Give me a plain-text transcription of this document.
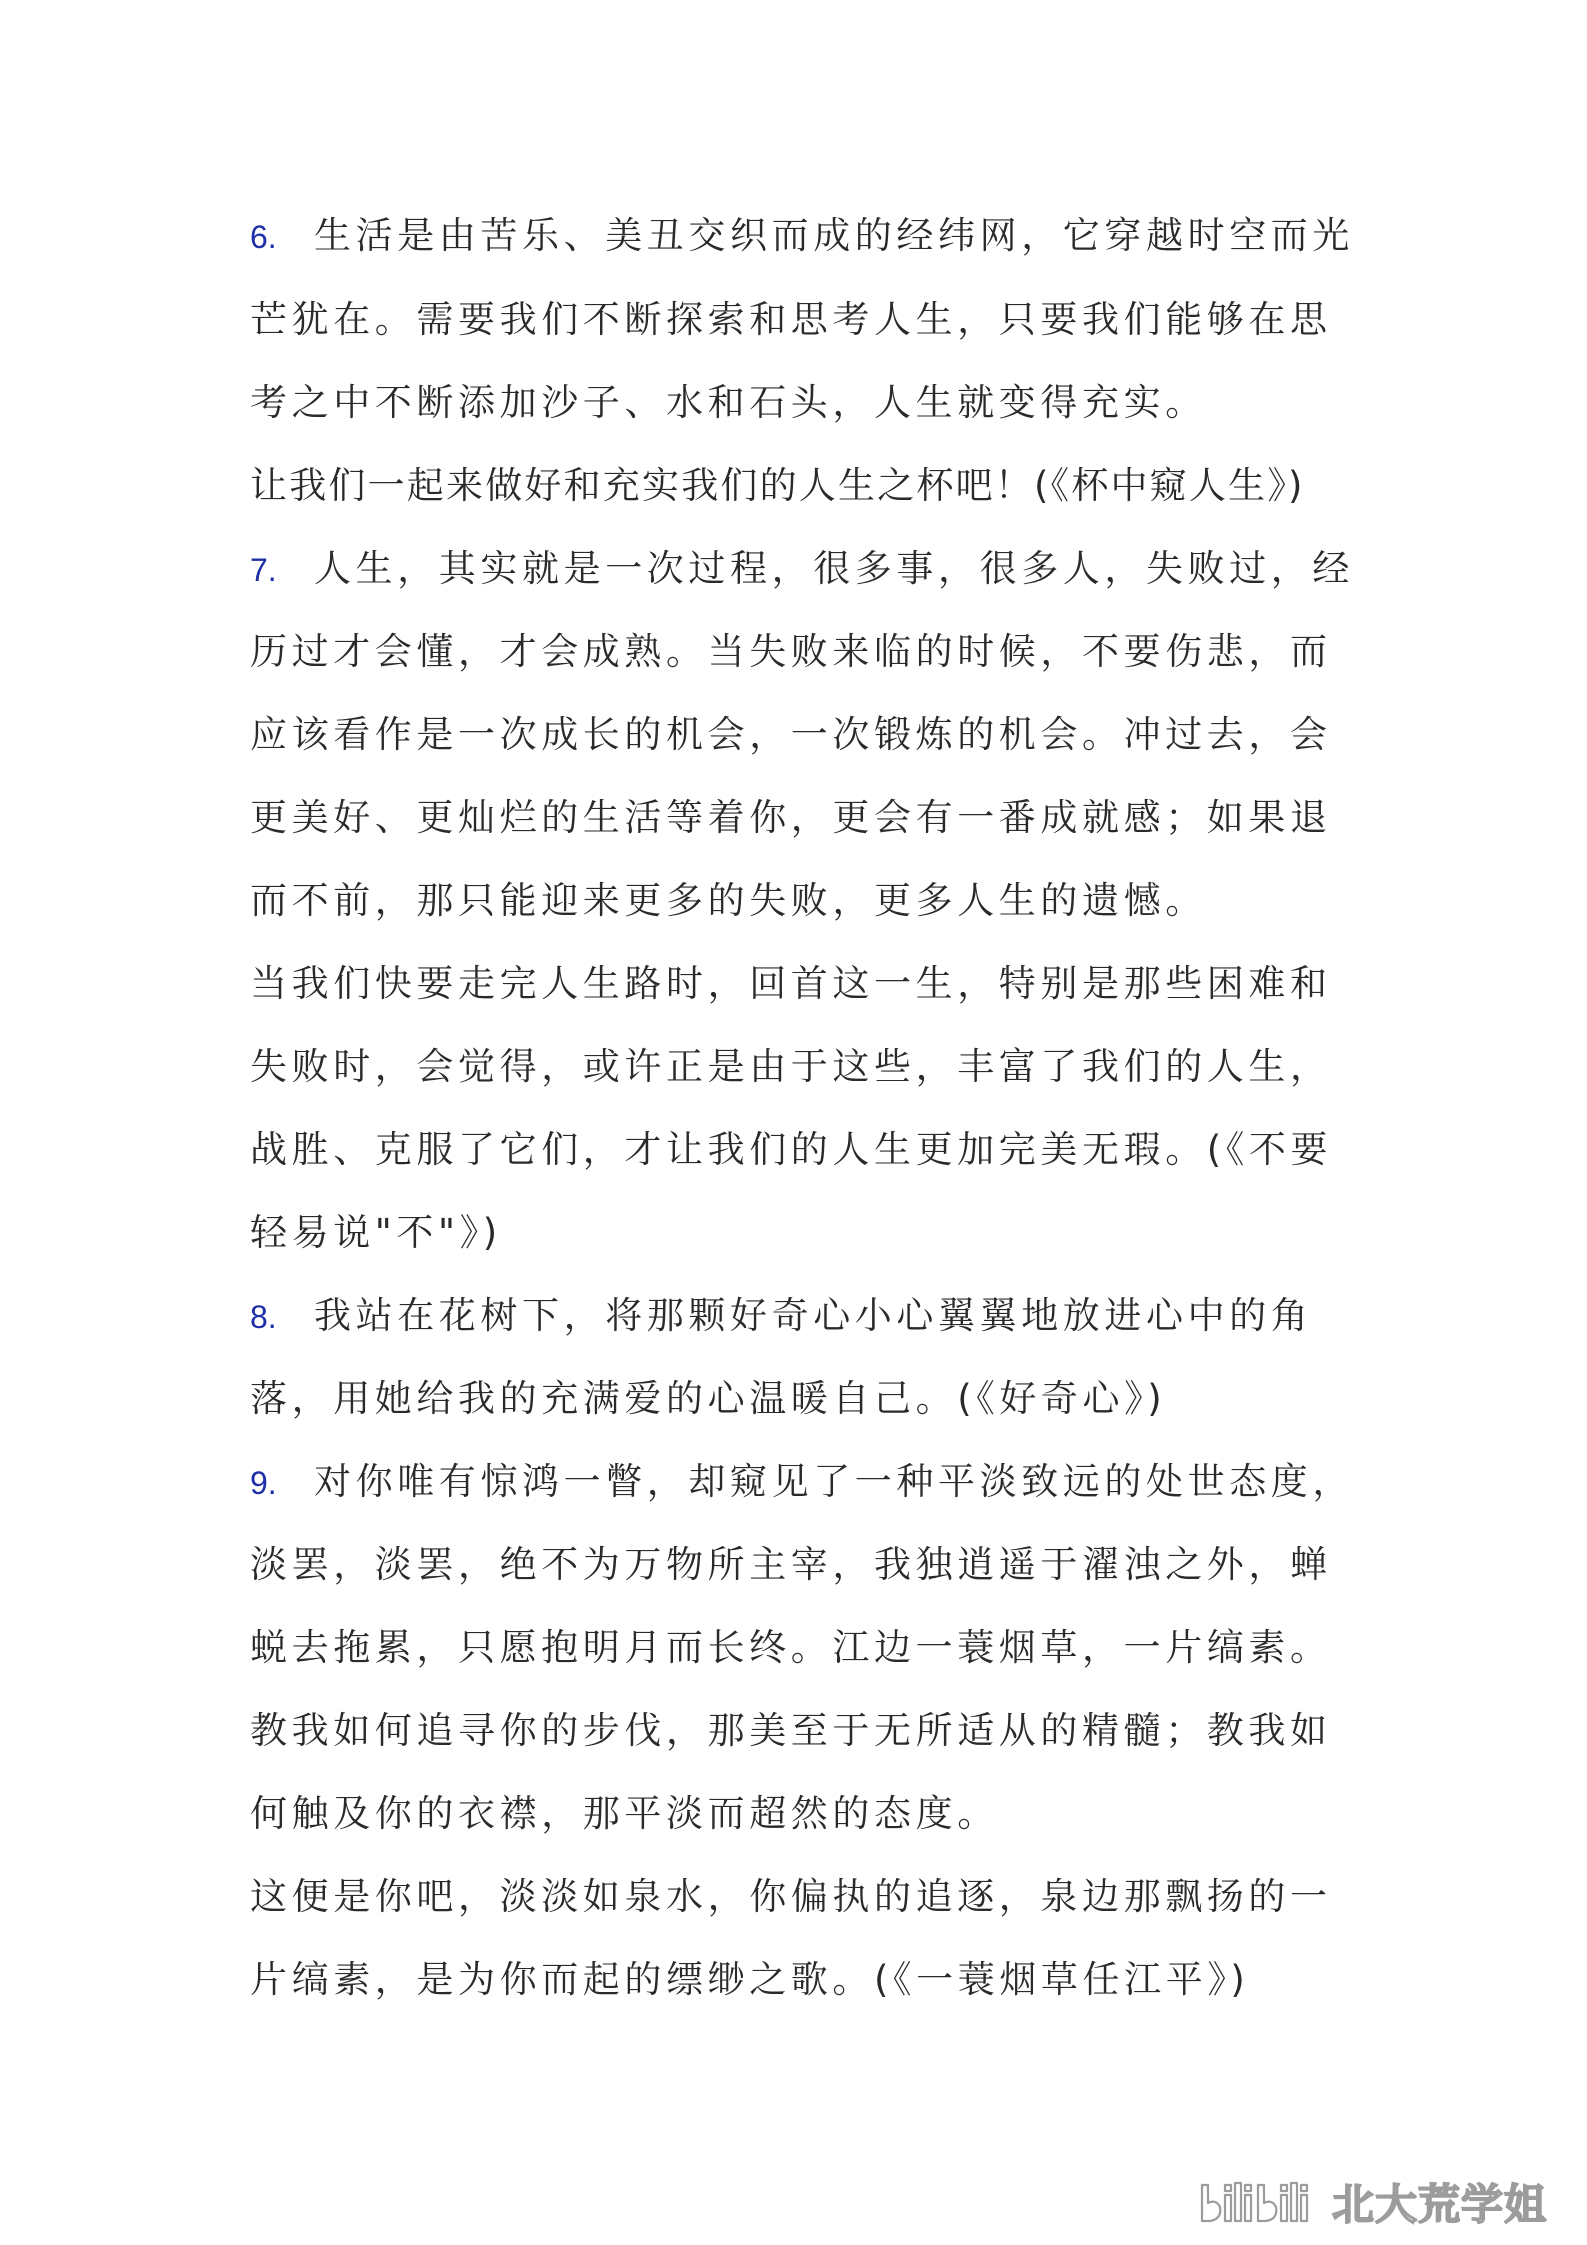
6. 生活是由苦乐、美丑交织而成的经纬网，它穿越时空而光
芒犹在。需要我们不断探索和思考人生，只要我们能够在思
考之中不断添加沙子、水和石头，人生就变得充实。
让我们一起来做好和充实我们的人生之杯吧！(《杯中窥人生》)
7. 人生，其实就是一次过程，很多事，很多人，失败过，经
历过才会懂，才会成熟。当失败来临的时候，不要伤悲，而
应该看作是一次成长的机会，一次锻炼的机会。冲过去，会
更美好、更灿烂的生活等着你，更会有一番成就感；如果退
而不前，那只能迎来更多的失败，更多人生的遗憾。
当我们快要走完人生路时，回首这一生，特别是那些困难和
失败时，会觉得，或许正是由于这些，丰富了我们的人生，
战胜、克服了它们，才让我们的人生更加完美无瑕。(《不要
轻易说"不"》)
8. 我站在花树下，将那颗好奇心小心翼翼地放进心中的角
落，用她给我的充满爱的心温暖自己。(《好奇心》)
9. 对你唯有惊鸿一瞥，却窥见了一种平淡致远的处世态度，
淡罢，淡罢，绝不为万物所主宰，我独逍遥于濯浊之外，蝉
蜕去拖累，只愿抱明月而长终。江边一蓑烟草，一片缟素。
教我如何追寻你的步伐，那美至于无所适从的精髓；教我如
何触及你的衣襟，那平淡而超然的态度。
这便是你吧，淡淡如泉水，你偏执的追逐，泉边那飘扬的一
片缟素，是为你而起的缥缈之歌。(《一蓑烟草任江平》)
北大荒学姐
